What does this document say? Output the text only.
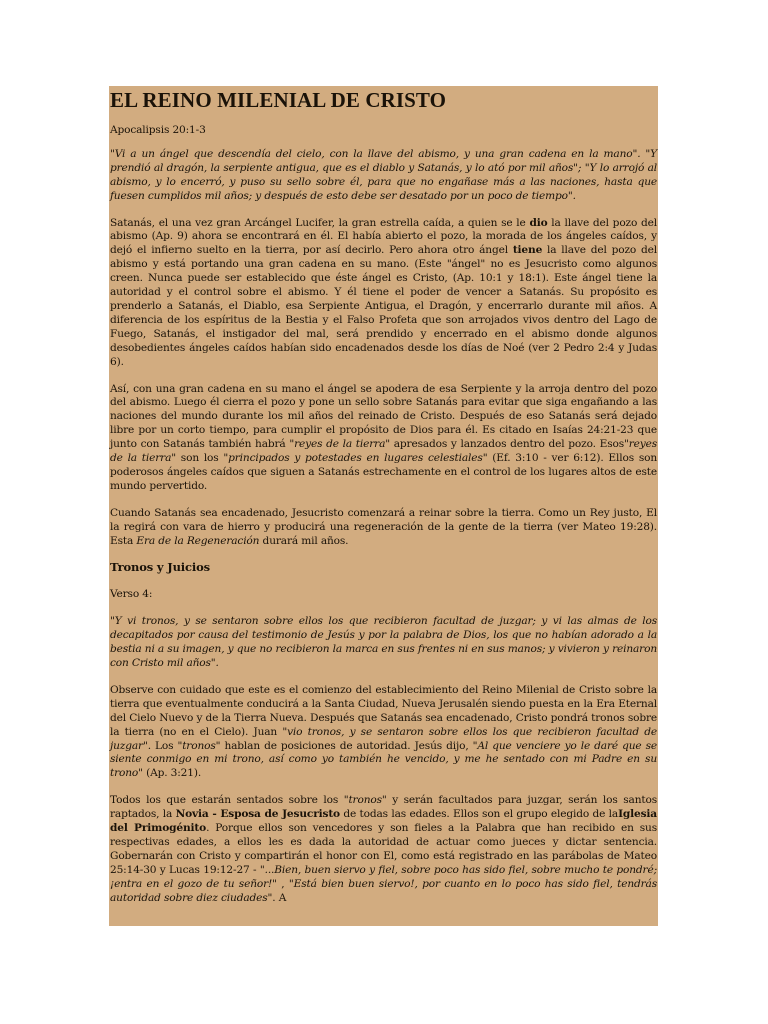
EL REINO MILENIAL DE CRISTO

Apocalipsis 20:1-3

"Vi a un ángel que descendía del cielo, con la llave del abismo, y una gran cadena en la mano". "Y prendió al dragón, la serpiente antigua, que es el diablo y Satanás, y lo ató por mil años"; "Y lo arrojó al abismo, y lo encerró, y puso su sello sobre él, para que no engañase más a las naciones, hasta que fuesen cumplidos mil años; y después de esto debe ser desatado por un poco de tiempo".

Satanás, el una vez gran Arcángel Lucifer, la gran estrella caída, a quien se le dio la llave del pozo del abismo (Ap. 9) ahora se encontrará en él. El había abierto el pozo, la morada de los ángeles caídos, y dejó el infierno suelto en la tierra, por así decirlo. Pero ahora otro ángel tiene la llave del pozo del abismo y está portando una gran cadena en su mano. (Este "ángel" no es Jesucristo como algunos creen. Nunca puede ser establecido que éste ángel es Cristo, (Ap. 10:1 y 18:1). Este ángel tiene la autoridad y el control sobre el abismo. Y él tiene el poder de vencer a Satanás. Su propósito es prenderlo a Satanás, el Diablo, esa Serpiente Antigua, el Dragón, y encerrarlo durante mil años. A diferencia de los espíritus de la Bestia y el Falso Profeta que son arrojados vivos dentro del Lago de Fuego, Satanás, el instigador del mal, será prendido y encerrado en el abismo donde algunos desobedientes ángeles caídos habían sido encadenados desde los días de Noé (ver 2 Pedro 2:4 y Judas 6).

Así, con una gran cadena en su mano el ángel se apodera de esa Serpiente y la arroja dentro del pozo del abismo. Luego él cierra el pozo y pone un sello sobre Satanás para evitar que siga engañando a las naciones del mundo durante los mil años del reinado de Cristo. Después de eso Satanás será dejado libre por un corto tiempo, para cumplir el propósito de Dios para él. Es citado en Isaías 24:21-23 que junto con Satanás también habrá "reyes de la tierra" apresados y lanzados dentro del pozo. Esos"reyes de la tierra" son los "principados y potestades en lugares celestiales" (Ef. 3:10 - ver 6:12). Ellos son poderosos ángeles caídos que siguen a Satanás estrechamente en el control de los lugares altos de este mundo pervertido.

Cuando Satanás sea encadenado, Jesucristo comenzará a reinar sobre la tierra. Como un Rey justo, El la regirá con vara de hierro y producirá una regeneración de la gente de la tierra (ver Mateo 19:28). Esta Era de la Regeneración durará mil años.

Tronos y Juicios

Verso 4:

"Y vi tronos, y se sentaron sobre ellos los que recibieron facultad de juzgar; y vi las almas de los decapitados por causa del testimonio de Jesús y por la palabra de Dios, los que no habían adorado a la bestia ni a su imagen, y que no recibieron la marca en sus frentes ni en sus manos; y vivieron y reinaron con Cristo mil años".

Observe con cuidado que este es el comienzo del establecimiento del Reino Milenial de Cristo sobre la tierra que eventualmente conducirá a la Santa Ciudad, Nueva Jerusalén siendo puesta en la Era Eternal del Cielo Nuevo y de la Tierra Nueva. Después que Satanás sea encadenado, Cristo pondrá tronos sobre la tierra (no en el Cielo). Juan "vio tronos, y se sentaron sobre ellos los que recibieron facultad de juzgar". Los "tronos" hablan de posiciones de autoridad. Jesús dijo, "Al que venciere yo le daré que se siente conmigo en mi trono, así como yo también he vencido, y me he sentado con mi Padre en su trono" (Ap. 3:21).

Todos los que estarán sentados sobre los "tronos" y serán facultados para juzgar, serán los santos raptados, la Novia - Esposa de Jesucristo de todas las edades. Ellos son el grupo elegido de laIglesia del Primogénito. Porque ellos son vencedores y son fieles a la Palabra que han recibido en sus respectivas edades, a ellos les es dada la autoridad de actuar como jueces y dictar sentencia. Gobernarán con Cristo y compartirán el honor con El, como está registrado en las parábolas de Mateo 25:14-30 y Lucas 19:12-27 - "...Bien, buen siervo y fiel, sobre poco has sido fiel, sobre mucho te pondré; ¡entra en el gozo de tu señor!" , "Está bien buen siervo!, por cuanto en lo poco has sido fiel, tendrás autoridad sobre diez ciudades". A
